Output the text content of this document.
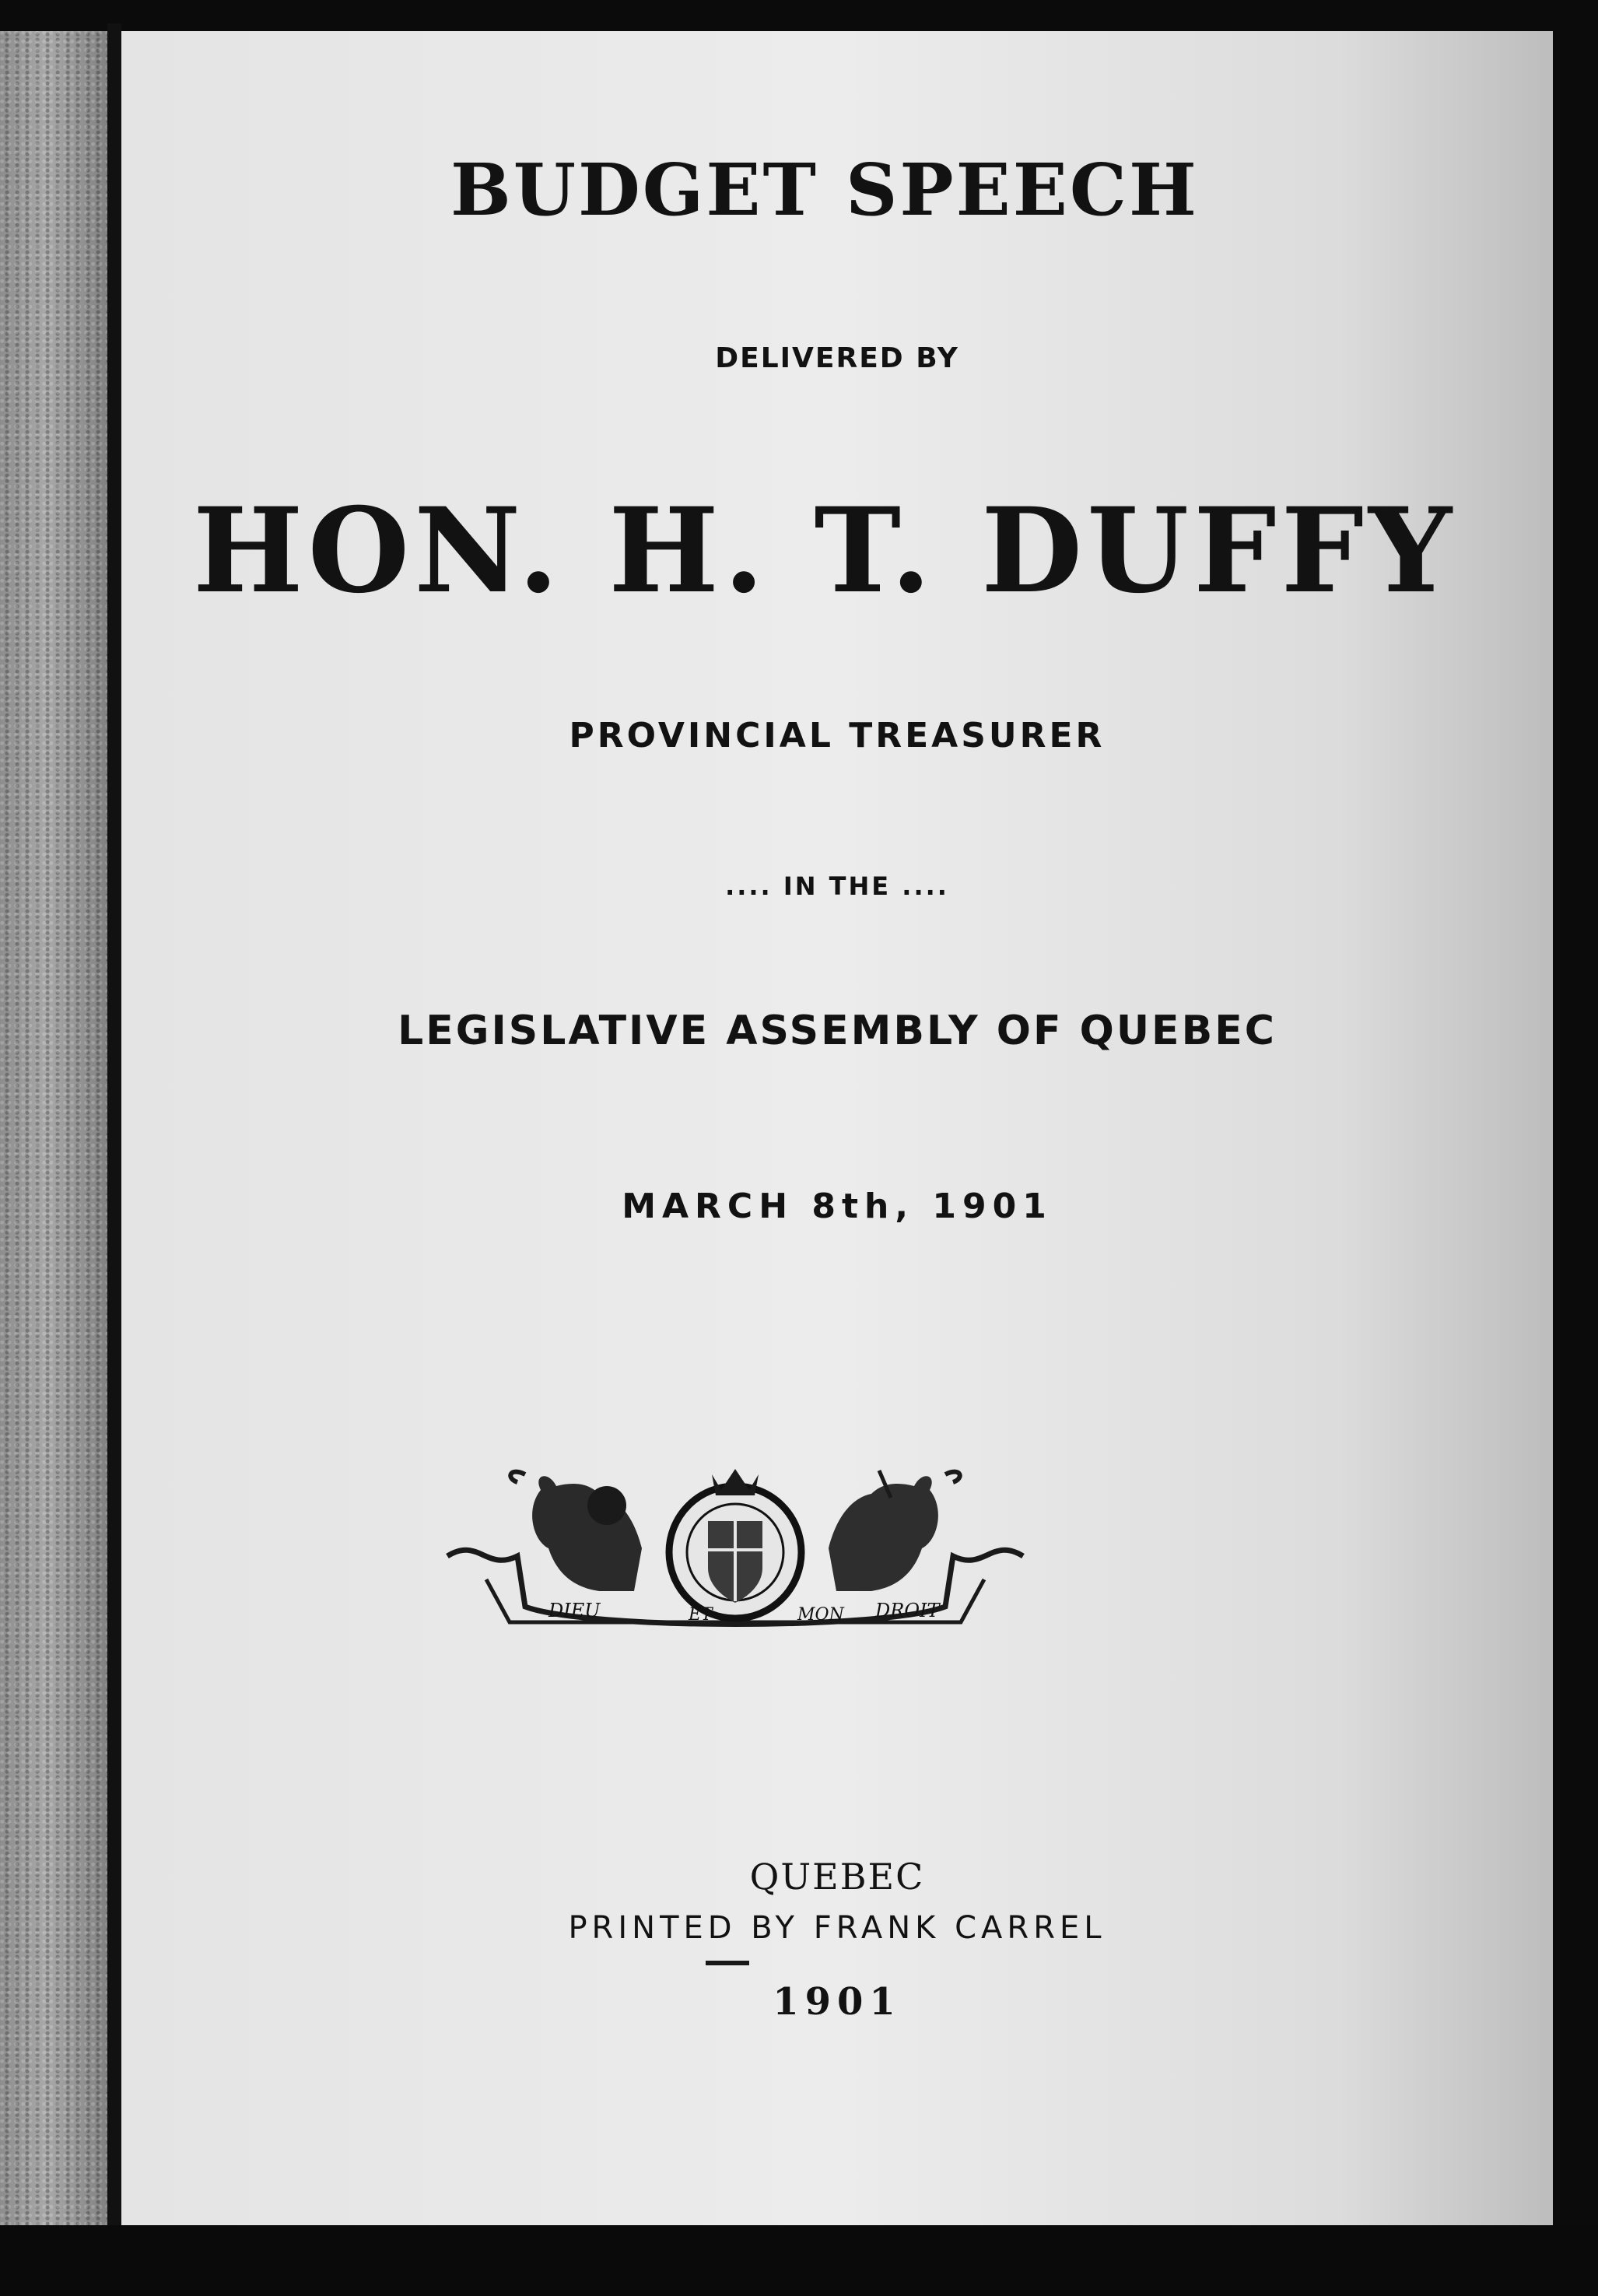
BUDGET SPEECH
DELIVERED BY
HON. H. T. DUFFY
PROVINCIAL TREASURER
.... IN THE ....
LEGISLATIVE ASSEMBLY OF QUEBEC
MARCH 8th, 1901
DIEU	ET	MON DROIT
QUEBEC
PRINTED BY FRANK CARREL
1901
